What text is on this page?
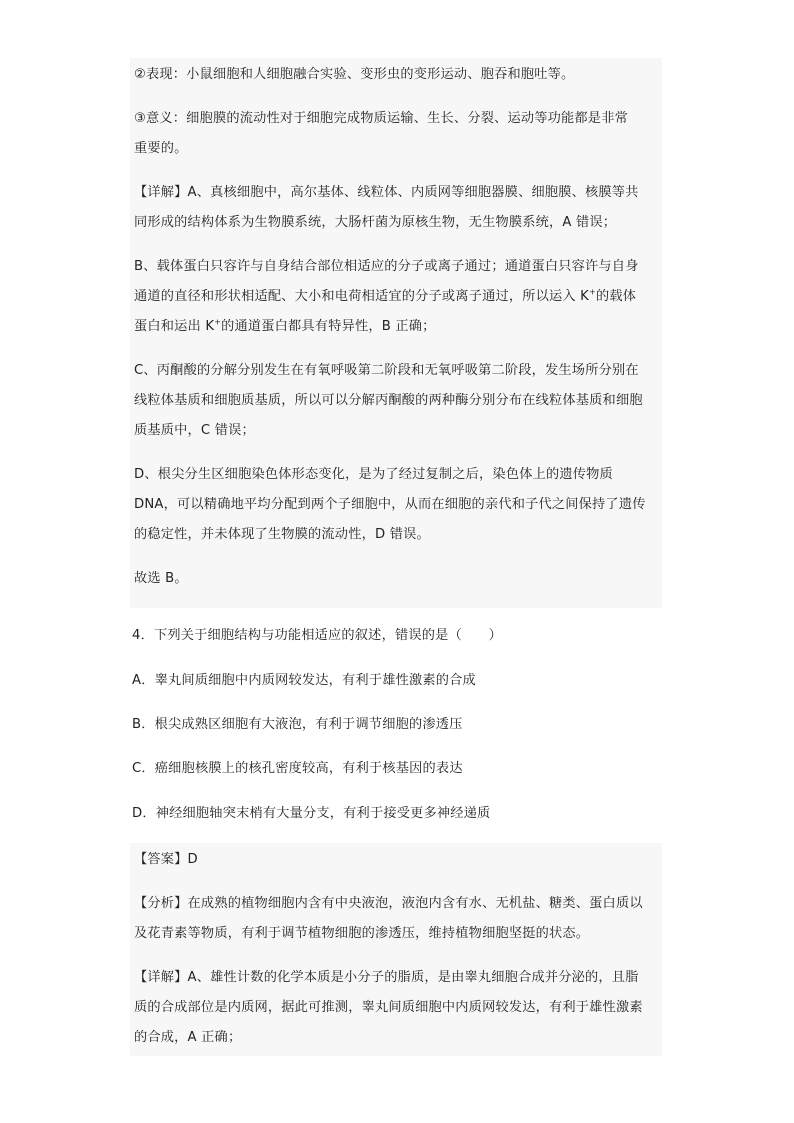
②表现：小鼠细胞和人细胞融合实验、变形虫的变形运动、胞吞和胞吐等。
③意义：细胞膜的流动性对于细胞完成物质运输、生长、分裂、运动等功能都是非常
重要的。
【详解】A、真核细胞中，高尔基体、线粒体、内质网等细胞器膜、细胞膜、核膜等共
同形成的结构体系为生物膜系统，大肠杆菌为原核生物，无生物膜系统，A 错误；
B、载体蛋白只容许与自身结合部位相适应的分子或离子通过；通道蛋白只容许与自身
通道的直径和形状相适配、大小和电荷相适宜的分子或离子通过，所以运入 K+的载体
蛋白和运出 K+的通道蛋白都具有特异性，B 正确；
C、丙酮酸的分解分别发生在有氧呼吸第二阶段和无氧呼吸第二阶段，发生场所分别在
线粒体基质和细胞质基质，所以可以分解丙酮酸的两种酶分别分布在线粒体基质和细胞
质基质中，C 错误；
D、根尖分生区细胞染色体形态变化，是为了经过复制之后，染色体上的遗传物质
DNA，可以精确地平均分配到两个子细胞中，从而在细胞的亲代和子代之间保持了遗传
的稳定性，并未体现了生物膜的流动性，D 错误。
故选 B。
4．下列关于细胞结构与功能相适应的叙述，错误的是（　　）
A．睾丸间质细胞中内质网较发达，有利于雄性激素的合成
B．根尖成熟区细胞有大液泡，有利于调节细胞的渗透压
C．癌细胞核膜上的核孔密度较高，有利于核基因的表达
D．神经细胞轴突末梢有大量分支，有利于接受更多神经递质
【答案】D
【分析】在成熟的植物细胞内含有中央液泡，液泡内含有水、无机盐、糖类、蛋白质以
及花青素等物质，有利于调节植物细胞的渗透压，维持植物细胞坚挺的状态。
【详解】A、雄性计数的化学本质是小分子的脂质，是由睾丸细胞合成并分泌的，且脂
质的合成部位是内质网，据此可推测，睾丸间质细胞中内质网较发达，有利于雄性激素
的合成，A 正确；
